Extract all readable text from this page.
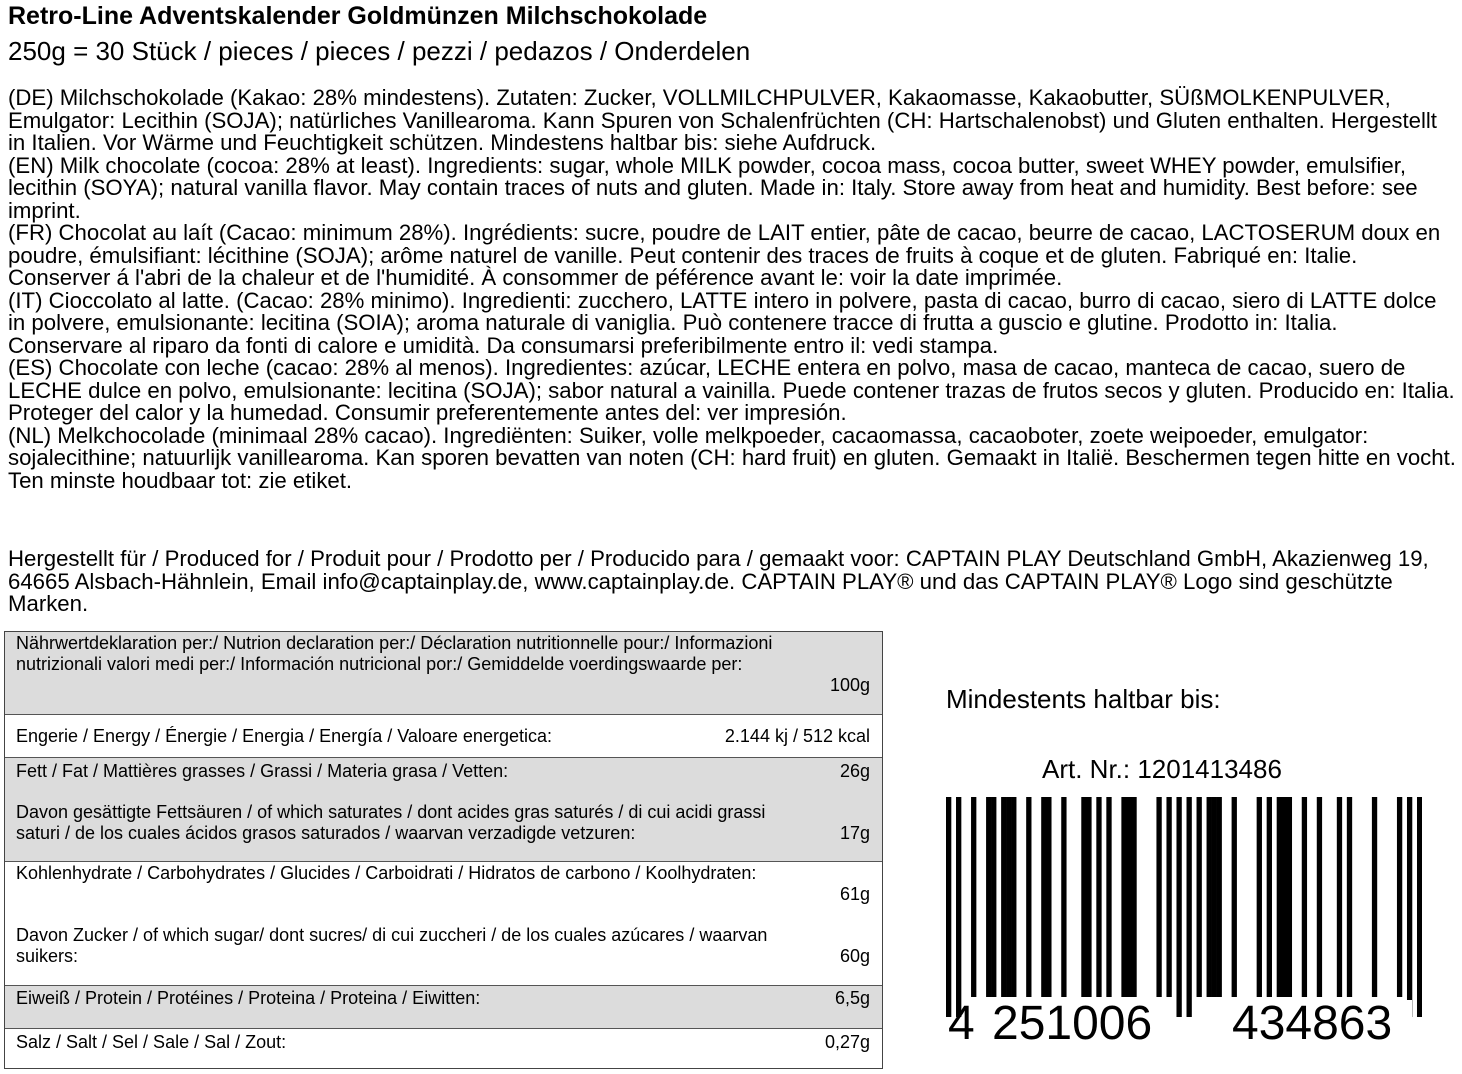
Retro-Line Adventskalender Goldmünzen Milchschokolade
250g = 30 Stück / pieces / pieces / pezzi / pedazos / Onderdelen

(DE) Milchschokolade (Kakao: 28% mindestens). Zutaten: Zucker, VOLLMILCHPULVER, Kakaomasse, Kakaobutter, SÜßMOLKENPULVER, Emulgator: Lecithin (SOJA); natürliches Vanillearoma. Kann Spuren von Schalenfrüchten (CH: Hartschalenobst) und Gluten enthalten. Hergestellt in Italien. Vor Wärme und Feuchtigkeit schützen. Mindestens haltbar bis: siehe Aufdruck.

(EN) Milk chocolate (cocoa: 28% at least). Ingredients: sugar, whole MILK powder, cocoa mass, cocoa butter, sweet WHEY powder, emulsifier, lecithin (SOYA); natural vanilla flavor. May contain traces of nuts and gluten. Made in: Italy. Store away from heat and humidity. Best before: see imprint.

(FR) Chocolat au laít (Cacao: minimum 28%). Ingrédients: sucre, poudre de LAIT entier, pâte de cacao, beurre de cacao, LACTOSERUM doux en poudre, émulsifiant: lécithine (SOJA); arôme naturel de vanille. Peut contenir des traces de fruits à coque et de gluten. Fabriqué en: Italie. Conserver á l'abri de la chaleur et de l'humidité. À consommer de péférence avant le: voir la date imprimée.

(IT) Cioccolato al latte. (Cacao: 28% minimo). Ingredienti: zucchero, LATTE intero in polvere, pasta di cacao, burro di cacao, siero di LATTE dolce in polvere, emulsionante: lecitina (SOIA); aroma naturale di vaniglia. Può contenere tracce di frutta a guscio e glutine. Prodotto in: Italia. Conservare al riparo da fonti di calore e umidità. Da consumarsi preferibilmente entro il: vedi stampa.

(ES) Chocolate con leche (cacao: 28% al menos). Ingredientes: azúcar, LECHE entera en polvo, masa de cacao, manteca de cacao, suero de LECHE dulce en polvo, emulsionante: lecitina (SOJA); sabor natural a vainilla. Puede contener trazas de frutos secos y gluten. Producido en: Italia. Proteger del calor y la humedad. Consumir preferentemente antes del: ver impresión.

(NL) Melkchocolade (minimaal 28% cacao). Ingrediënten: Suiker, volle melkpoeder, cacaomassa, cacaoboter, zoete weipoeder, emulgator: sojalecithine; natuurlijk vanillearoma. Kan sporen bevatten van noten (CH: hard fruit) en gluten. Gemaakt in Italië. Beschermen tegen hitte en vocht. Ten minste houdbaar tot: zie etiket.

Hergestellt für / Produced for / Produit pour / Prodotto per / Producido para / gemaakt voor: CAPTAIN PLAY Deutschland GmbH, Akazienweg 19, 64665 Alsbach-Hähnlein, Email info@captainplay.de, www.captainplay.de. CAPTAIN PLAY® und das CAPTAIN PLAY® Logo sind geschützte Marken.
Nährwertdeklaration per:/ Nutrion declaration per:/ Déclaration nutritionnelle pour:/ Informazioni nutrizionali valori medi per:/ Información nutricional por:/ Gemiddelde voerdingswaarde per:
100g
Engerie / Energy / Énergie / Energia / Energía / Valoare energetica:	2.144 kj / 512 kcal
Fett / Fat / Mattières grasses / Grassi / Materia grasa / Vetten:	26g
Davon gesättigte Fettsäuren / of which saturates / dont acides gras saturés / di cui acidi grassi saturi / de los cuales ácidos grasos saturados / waarvan verzadigde vetzuren:	17g
Kohlenhydrate / Carbohydrates / Glucides / Carboidrati / Hidratos de carbono / Koolhydraten:
61g
Davon Zucker / of which sugar/ dont sucres/ di cui zuccheri / de los cuales azúcares / waarvan suikers:	60g
Eiweiß / Protein / Protéines / Proteina / Proteina / Eiwitten:	6,5g
Salz / Salt / Sel / Sale / Sal / Zout:	0,27g
Mindestents haltbar bis:
Art. Nr.: 1201413486
4 251006 434863
